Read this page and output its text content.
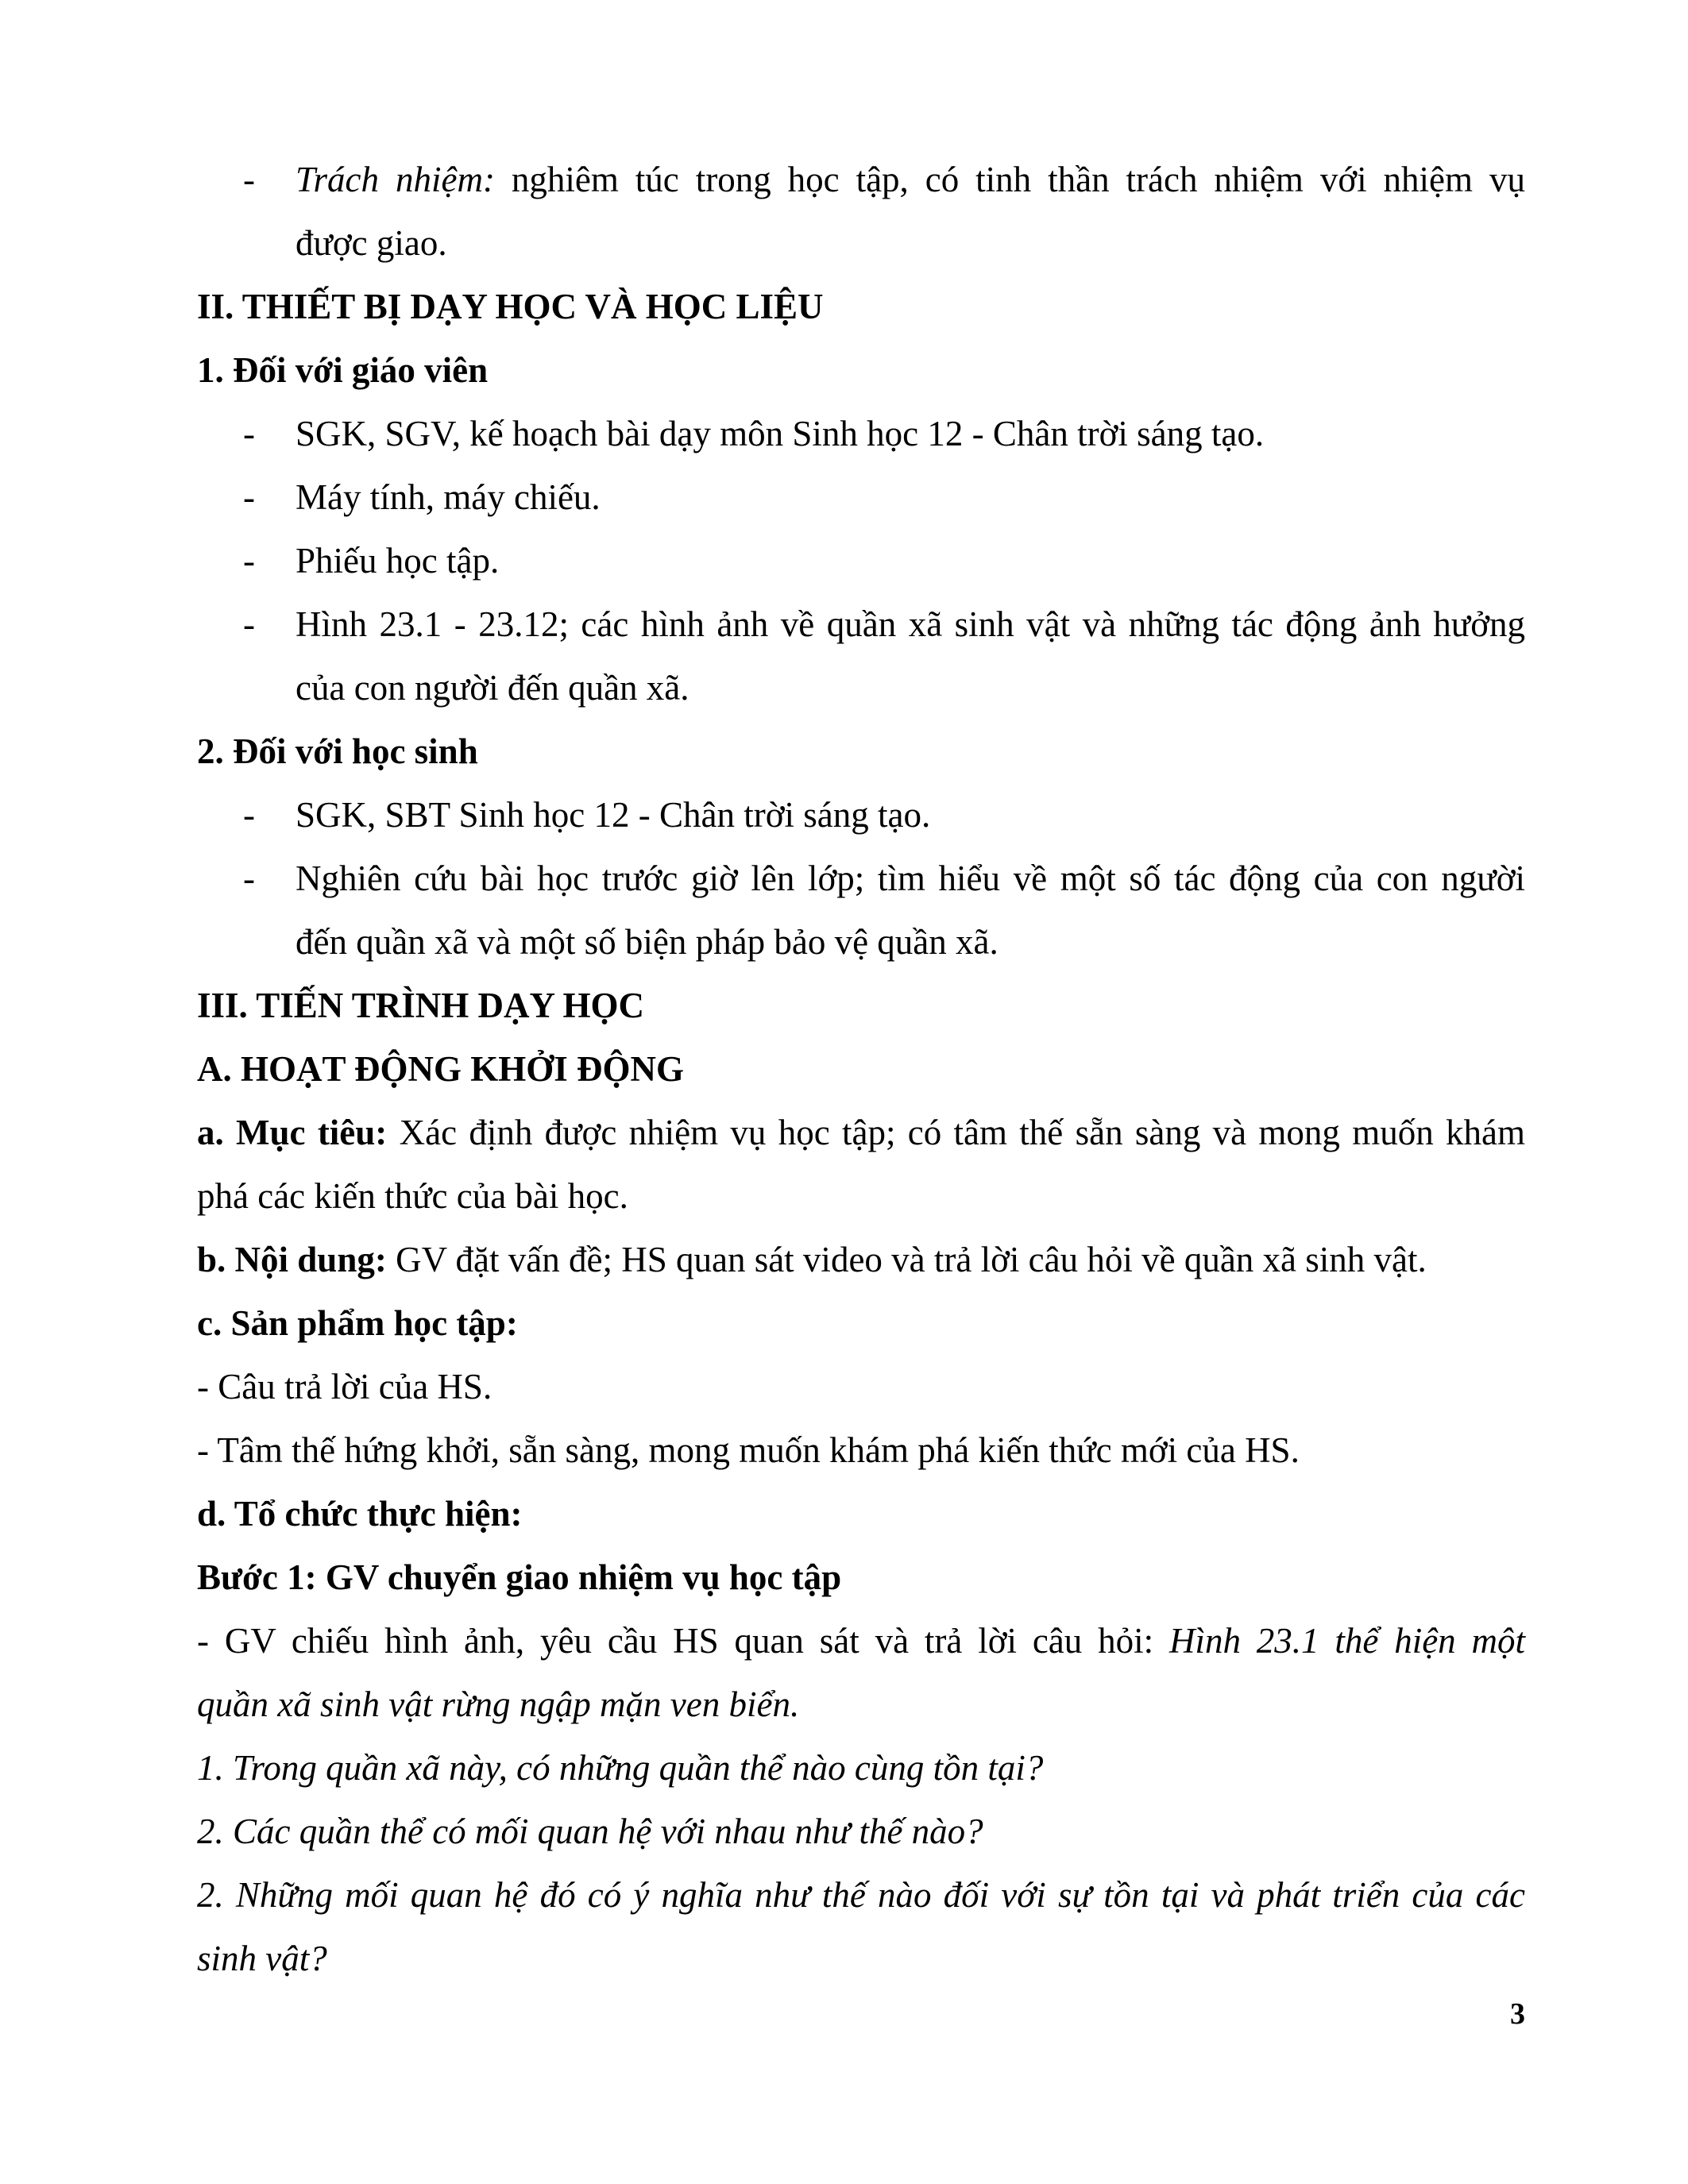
- Trách nhiệm: nghiêm túc trong học tập, có tinh thần trách nhiệm với nhiệm vụ
được giao.
II. THIẾT BỊ DẠY HỌC VÀ HỌC LIỆU
1. Đối với giáo viên
- SGK, SGV, kế hoạch bài dạy môn Sinh học 12 - Chân trời sáng tạo.
- Máy tính, máy chiếu.
- Phiếu học tập.
- Hình 23.1 - 23.12; các hình ảnh về quần xã sinh vật và những tác động ảnh hưởng
của con người đến quần xã.
2. Đối với học sinh
- SGK, SBT Sinh học 12 - Chân trời sáng tạo.
- Nghiên cứu bài học trước giờ lên lớp; tìm hiểu về một số tác động của con người
đến quần xã và một số biện pháp bảo vệ quần xã.
III. TIẾN TRÌNH DẠY HỌC
A. HOẠT ĐỘNG KHỞI ĐỘNG
a. Mục tiêu: Xác định được nhiệm vụ học tập; có tâm thế sẵn sàng và mong muốn khám
phá các kiến thức của bài học.
b. Nội dung: GV đặt vấn đề; HS quan sát video và trả lời câu hỏi về quần xã sinh vật.
c. Sản phẩm học tập:
- Câu trả lời của HS.
- Tâm thế hứng khởi, sẵn sàng, mong muốn khám phá kiến thức mới của HS.
d. Tổ chức thực hiện:
Bước 1: GV chuyển giao nhiệm vụ học tập
- GV chiếu hình ảnh, yêu cầu HS quan sát và trả lời câu hỏi: Hình 23.1 thể hiện một
quần xã sinh vật rừng ngập mặn ven biển.
1. Trong quần xã này, có những quần thể nào cùng tồn tại?
2. Các quần thể có mối quan hệ với nhau như thế nào?
2. Những mối quan hệ đó có ý nghĩa như thế nào đối với sự tồn tại và phát triển của các
sinh vật?
3
